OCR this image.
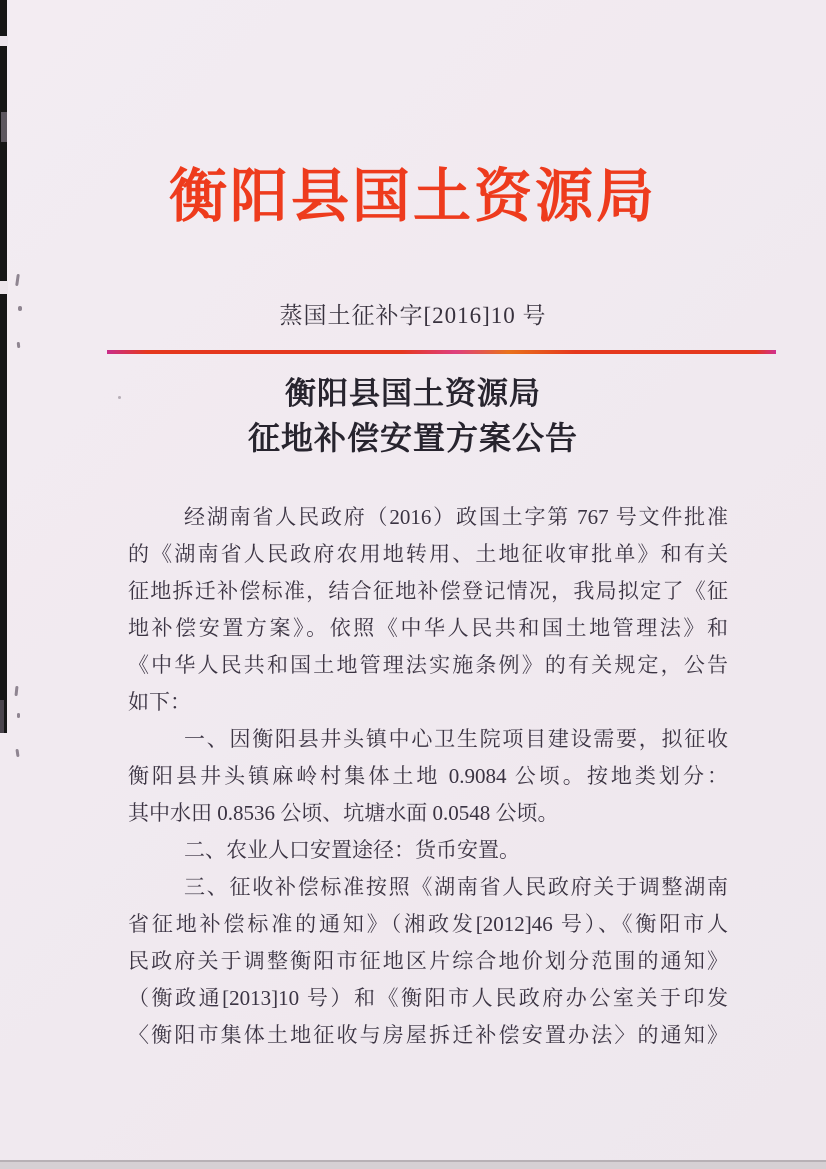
衡阳县国土资源局
蒸国土征补字[2016]10 号
衡阳县国土资源局
征地补偿安置方案公告
经湖南省人民政府（2016）政国土字第 767 号文件批准
的《湖南省人民政府农用地转用、土地征收审批单》和有关
征地拆迁补偿标准，结合征地补偿登记情况，我局拟定了《征
地补偿安置方案》。依照《中华人民共和国土地管理法》和
《中华人民共和国土地管理法实施条例》的有关规定，公告
如下：
一、因衡阳县井头镇中心卫生院项目建设需要，拟征收
衡阳县井头镇麻岭村集体土地 0.9084 公顷。按地类划分：
其中水田 0.8536 公顷、坑塘水面 0.0548 公顷。
二、农业人口安置途径：货币安置。
三、征收补偿标准按照《湖南省人民政府关于调整湖南
省征地补偿标准的通知》（湘政发[2012]46 号）、《衡阳市人
民政府关于调整衡阳市征地区片综合地价划分范围的通知》
（衡政通[2013]10 号）和《衡阳市人民政府办公室关于印发
〈衡阳市集体土地征收与房屋拆迁补偿安置办法〉的通知》
